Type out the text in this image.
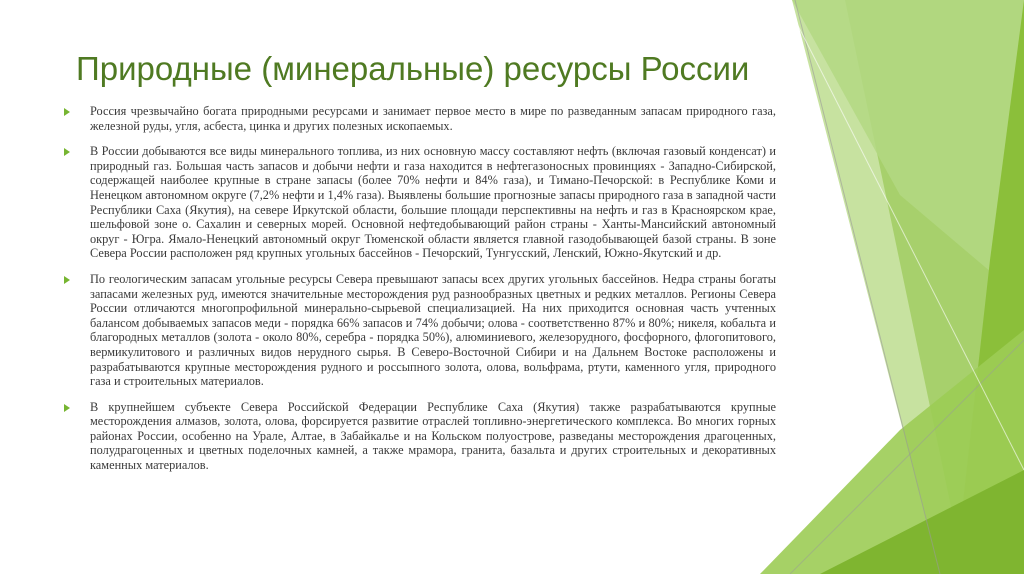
Природные (минеральные) ресурсы России

Россия чрезвычайно богата природными ресурсами и занимает первое место в мире по разведанным запасам природного газа, железной руды, угля, асбеста, цинка и других полезных ископаемых.

В России добываются все виды минерального топлива, из них основную массу составляют нефть (включая газовый конденсат) и природный газ. Большая часть запасов и добычи нефти и газа находится в нефтегазоносных провинциях - Западно-Сибирской, содержащей наиболее крупные в стране запасы (более 70% нефти и 84% газа), и Тимано-Печорской: в Республике Коми и Ненецком автономном округе (7,2% нефти и 1,4% газа). Выявлены большие прогнозные запасы природного газа в западной части Республики Саха (Якутия), на севере Иркутской области, большие площади перспективны на нефть и газ в Красноярском крае, шельфовой зоне о. Сахалин и северных морей. Основной нефтедобывающий район страны - Ханты-Мансийский автономный округ - Югра. Ямало-Ненецкий автономный округ Тюменской области является главной газодобывающей базой страны. В зоне Севера России расположен ряд крупных угольных бассейнов - Печорский, Тунгусский, Ленский, Южно-Якутский и др.

По геологическим запасам угольные ресурсы Севера превышают запасы всех других угольных бассейнов. Недра страны богаты запасами железных руд, имеются значительные месторождения руд разнообразных цветных и редких металлов. Регионы Севера России отличаются многопрофильной минерально-сырьевой специализацией. На них приходится основная часть учтенных балансом добываемых запасов меди - порядка 66% запасов и 74% добычи; олова - соответственно 87% и 80%; никеля, кобальта и благородных металлов (золота - около 80%, серебра - порядка 50%), алюминиевого, железорудного, фосфорного, флогопитового, вермикулитового и различных видов нерудного сырья. В Северо-Восточной Сибири и на Дальнем Востоке расположены и разрабатываются крупные месторождения рудного и россыпного золота, олова, вольфрама, ртути, каменного угля, природного газа и строительных материалов.

В крупнейшем субъекте Севера Российской Федерации Республике Саха (Якутия) также разрабатываются крупные месторождения алмазов, золота, олова, форсируется развитие отраслей топливно-энергетического комплекса. Во многих горных районах России, особенно на Урале, Алтае, в Забайкалье и на Кольском полуострове, разведаны месторождения драгоценных, полудрагоценных и цветных поделочных камней, а также мрамора, гранита, базальта и других строительных и декоративных каменных материалов.
